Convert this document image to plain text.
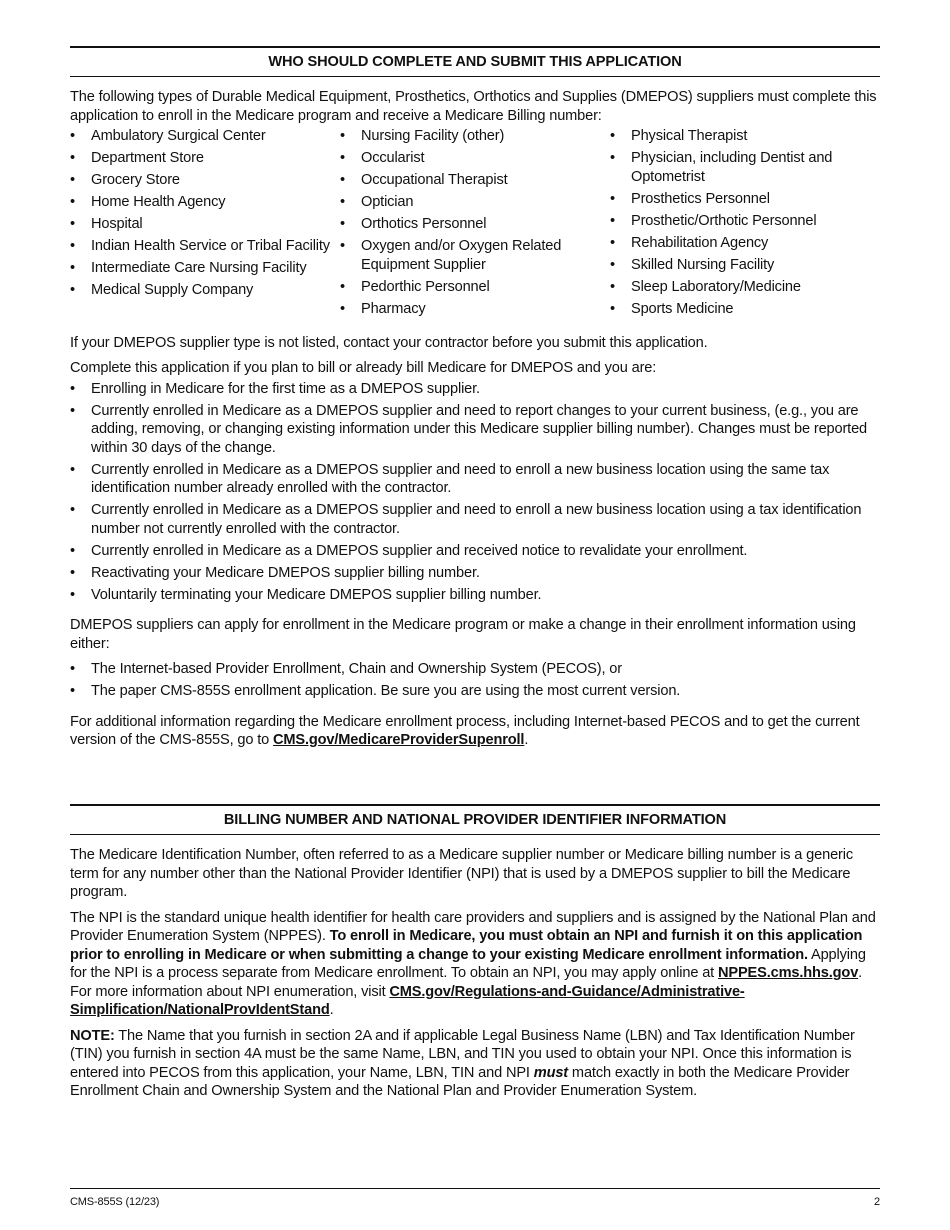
WHO SHOULD COMPLETE AND SUBMIT THIS APPLICATION

The following types of Durable Medical Equipment, Prosthetics, Orthotics and Supplies (DMEPOS) suppliers must complete this application to enroll in the Medicare program and receive a Medicare Billing number:

• Ambulatory Surgical Center
• Department Store
• Grocery Store
• Home Health Agency
• Hospital
• Indian Health Service or Tribal Facility
• Intermediate Care Nursing Facility
• Medical Supply Company
• Nursing Facility (other)
• Occularist
• Occupational Therapist
• Optician
• Orthotics Personnel
• Oxygen and/or Oxygen Related Equipment Supplier
• Pedorthic Personnel
• Pharmacy
• Physical Therapist
• Physician, including Dentist and Optometrist
• Prosthetics Personnel
• Prosthetic/Orthotic Personnel
• Rehabilitation Agency
• Skilled Nursing Facility
• Sleep Laboratory/Medicine
• Sports Medicine

If your DMEPOS supplier type is not listed, contact your contractor before you submit this application.

Complete this application if you plan to bill or already bill Medicare for DMEPOS and you are:

• Enrolling in Medicare for the first time as a DMEPOS supplier.
• Currently enrolled in Medicare as a DMEPOS supplier and need to report changes to your current business, (e.g., you are adding, removing, or changing existing information under this Medicare supplier billing number). Changes must be reported within 30 days of the change.
• Currently enrolled in Medicare as a DMEPOS supplier and need to enroll a new business location using the same tax identification number already enrolled with the contractor.
• Currently enrolled in Medicare as a DMEPOS supplier and need to enroll a new business location using a tax identification number not currently enrolled with the contractor.
• Currently enrolled in Medicare as a DMEPOS supplier and received notice to revalidate your enrollment.
• Reactivating your Medicare DMEPOS supplier billing number.
• Voluntarily terminating your Medicare DMEPOS supplier billing number.

DMEPOS suppliers can apply for enrollment in the Medicare program or make a change in their enrollment information using either:

• The Internet-based Provider Enrollment, Chain and Ownership System (PECOS), or
• The paper CMS-855S enrollment application. Be sure you are using the most current version.

For additional information regarding the Medicare enrollment process, including Internet-based PECOS and to get the current version of the CMS-855S, go to CMS.gov/MedicareProviderSupenroll.

BILLING NUMBER AND NATIONAL PROVIDER IDENTIFIER INFORMATION

The Medicare Identification Number, often referred to as a Medicare supplier number or Medicare billing number is a generic term for any number other than the National Provider Identifier (NPI) that is used by a DMEPOS supplier to bill the Medicare program.

The NPI is the standard unique health identifier for health care providers and suppliers and is assigned by the National Plan and Provider Enumeration System (NPPES). To enroll in Medicare, you must obtain an NPI and furnish it on this application prior to enrolling in Medicare or when submitting a change to your existing Medicare enrollment information. Applying for the NPI is a process separate from Medicare enrollment. To obtain an NPI, you may apply online at NPPES.cms.hhs.gov. For more information about NPI enumeration, visit CMS.gov/Regulations-and-Guidance/Administrative-Simplification/NationalProvIdentStand.

NOTE: The Name that you furnish in section 2A and if applicable Legal Business Name (LBN) and Tax Identification Number (TIN) you furnish in section 4A must be the same Name, LBN, and TIN you used to obtain your NPI. Once this information is entered into PECOS from this application, your Name, LBN, TIN and NPI must match exactly in both the Medicare Provider Enrollment Chain and Ownership System and the National Plan and Provider Enumeration System.

CMS-855S (12/23)	2
